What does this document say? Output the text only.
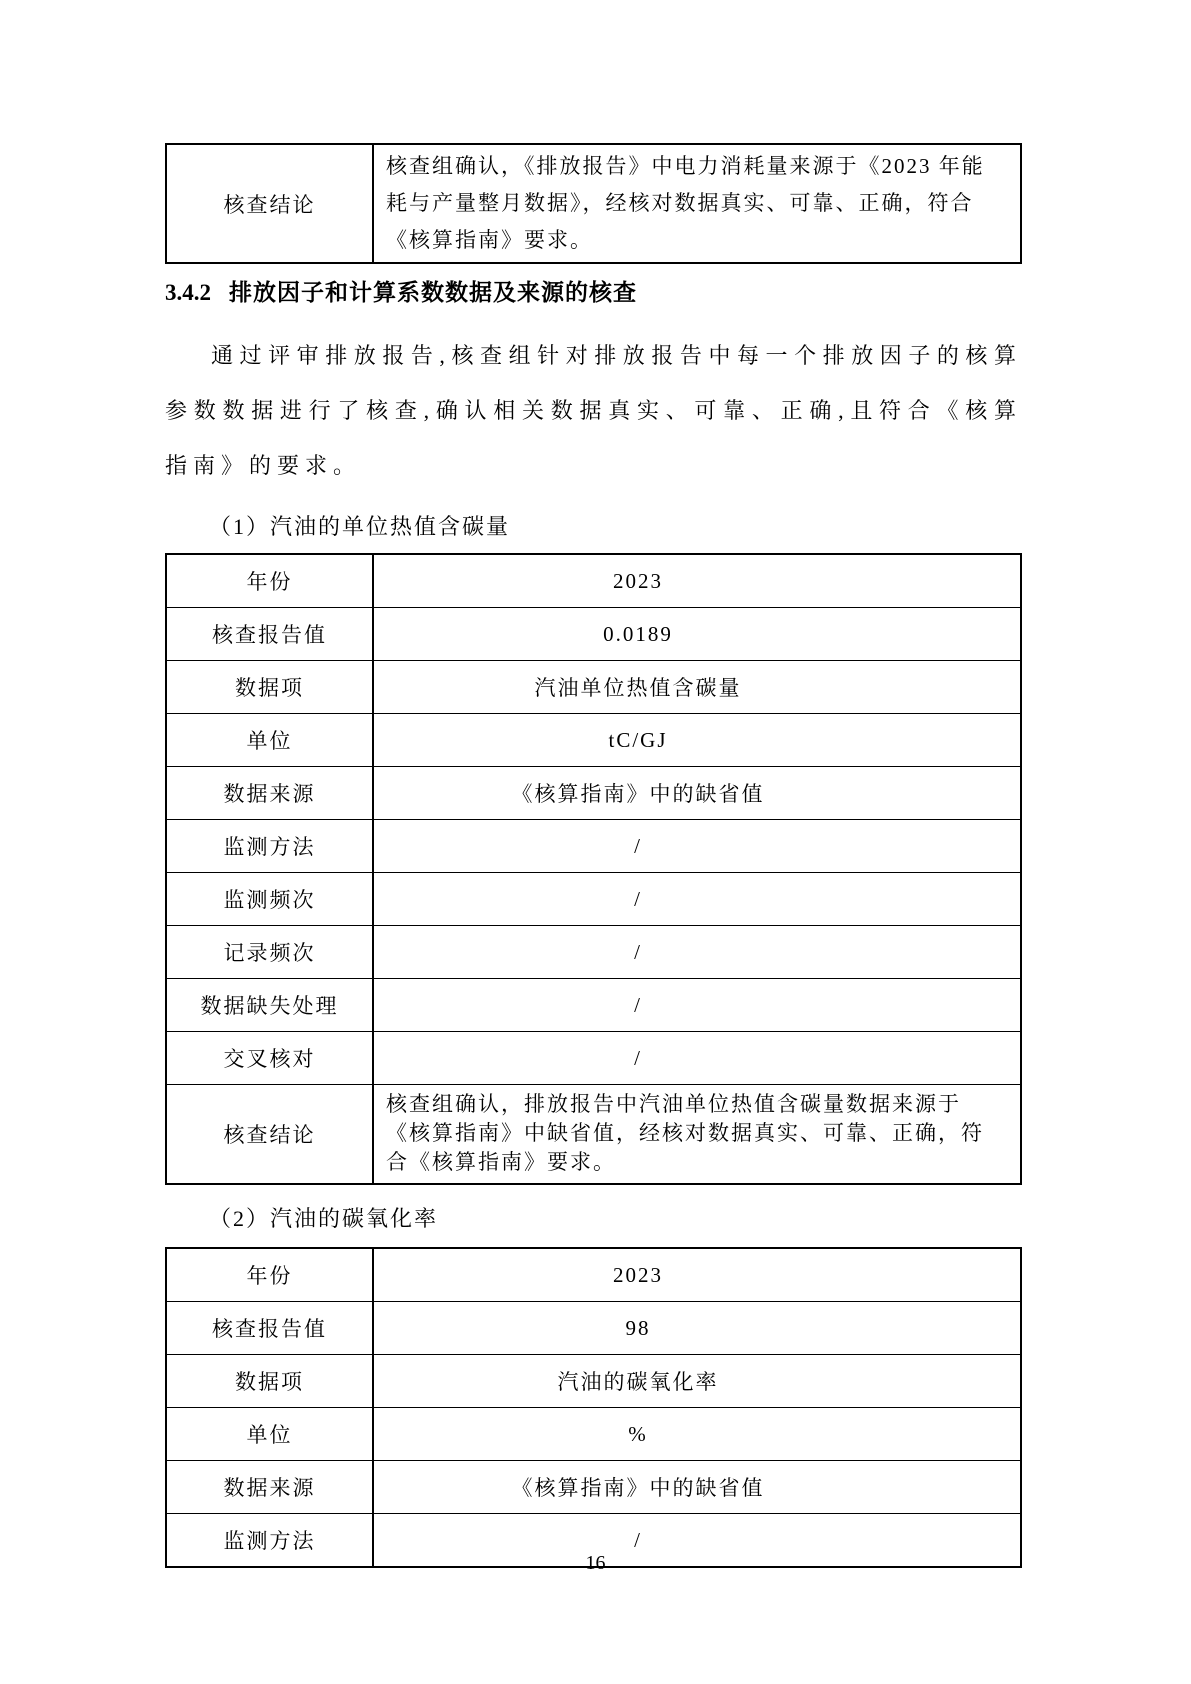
核查结论	核查组确认，《排放报告》中电力消耗量来源于《2023 年能耗与产量整月数据》，经核对数据真实、可靠、正确，符合《核算指南》要求。
3.4.2 排放因子和计算系数数据及来源的核查

通过评审排放报告,核查组针对排放报告中每一个排放因子的核算参数数据进行了核查,确认相关数据真实、可靠、正确,且符合《核算指南》的要求。

（1）汽油的单位热值含碳量
年份	2023
核查报告值	0.0189
数据项	汽油单位热值含碳量
单位	tC/GJ
数据来源	《核算指南》中的缺省值
监测方法	/
监测频次	/
记录频次	/
数据缺失处理	/
交叉核对	/
核查结论	核查组确认，排放报告中汽油单位热值含碳量数据来源于《核算指南》中缺省值，经核对数据真实、可靠、正确，符合《核算指南》要求。
（2）汽油的碳氧化率
年份	2023
核查报告值	98
数据项	汽油的碳氧化率
单位	%
数据来源	《核算指南》中的缺省值
监测方法	/
16
